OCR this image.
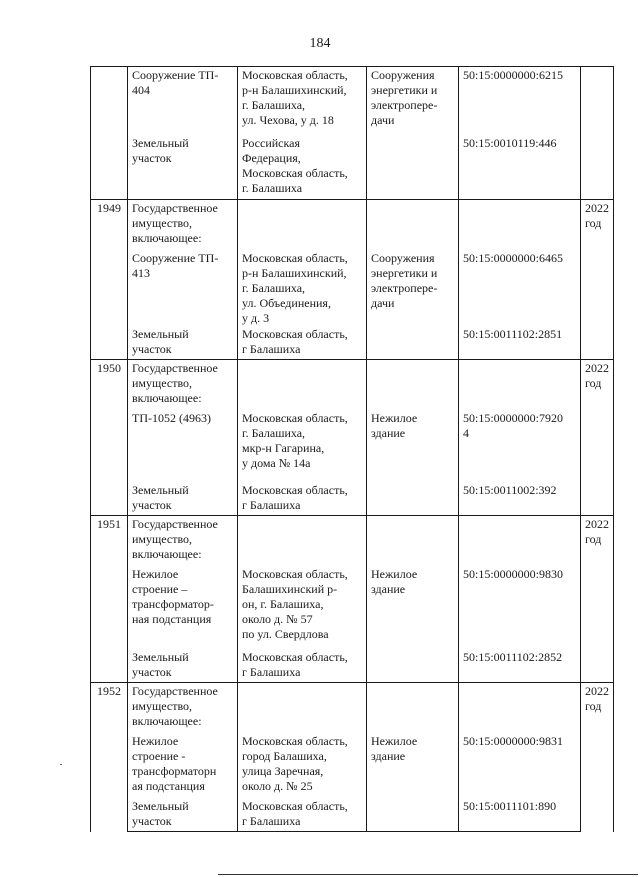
184
	Сооружение ТП-
404	Московская область,
р-н Балашихинский,
г. Балашиха,
ул. Чехова, у д. 18	Сооружения
энергетики и
электропере-
дачи	50:15:0000000:6215	
	Земельный
участок	Российская
Федерация,
Московская область,
г. Балашиха		50:15:0010119:446	
1949	Государственное
имущество,
включающее:				2022
год
	Сооружение ТП-
413	Московская область,
р-н Балашихинский,
г. Балашиха,
ул. Объединения,
у д. 3	Сооружения
энергетики и
электропере-
дачи	50:15:0000000:6465	
	Земельный
участок	Московская область,
г Балашиха		50:15:0011102:2851	
1950	Государственное
имущество,
включающее:				2022
год
	ТП-1052 (4963)	Московская область,
г. Балашиха,
мкр-н Гагарина,
у дома № 14а	Нежилое
здание	50:15:0000000:7920
4	
	Земельный
участок	Московская область,
г Балашиха		50:15:0011002:392	
1951	Государственное
имущество,
включающее:				2022
год
	Нежилое
строение –
трансформатор-
ная подстанция	Московская область,
Балашихинский р-
он, г. Балашиха,
около д. № 57
по ул. Свердлова	Нежилое
здание	50:15:0000000:9830	
	Земельный
участок	Московская область,
г Балашиха		50:15:0011102:2852	
1952	Государственное
имущество,
включающее:				2022
год
	Нежилое
строение -
трансформаторн
ая подстанция	Московская область,
город Балашиха,
улица Заречная,
около д. № 25	Нежилое
здание	50:15:0000000:9831	
	Земельный
участок	Московская область,
г Балашиха		50:15:0011101:890	
